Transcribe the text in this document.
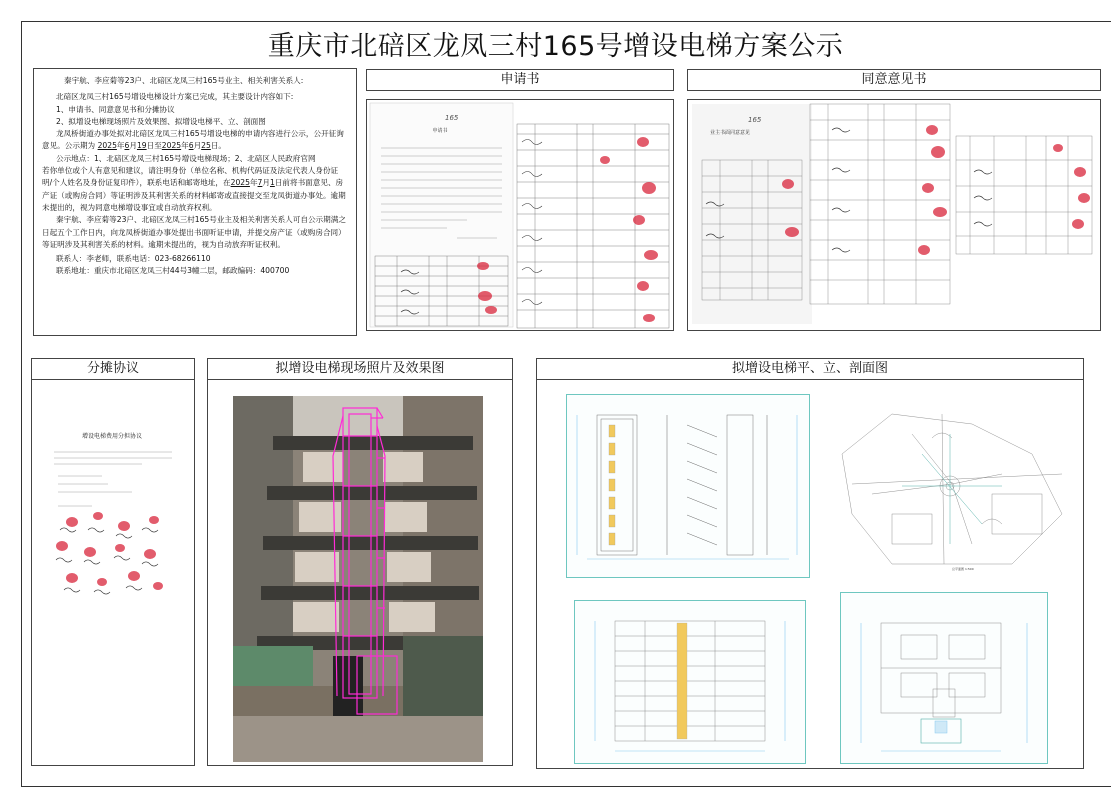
重庆市北碚区龙凤三村165号增设电梯方案公示

秦宇航、李应菊等23户、北碚区龙凤三村165号业主、相关利害关系人:

北碚区龙凤三村165号增设电梯设计方案已完成，其主要设计内容如下:

1、申请书、同意意见书和分摊协议

2、拟增设电梯现场照片及效果图、拟增设电梯平、立、剖面图

龙凤桥街道办事处拟对北碚区龙凤三村165号增设电梯的申请内容进行公示，公开征询意见。公示期为 2025年6月19日至2025年6月25日。

公示地点：1、北碚区龙凤三村165号增设电梯现场；2、北碚区人民政府官网

若你单位或个人有意见和建议，请注明身份（单位名称、机构代码证及法定代表人身份证明/个人姓名及身份证复印件），联系电话和邮寄地址，在2025年7月1日前将书面意见、房产证（或购房合同）等证明涉及其利害关系的材料邮寄或直接提交至龙凤街道办事处。逾期未提出的，视为同意电梯增设事宜或自动放弃权利。

秦宇航、李应菊等23户、北碚区龙凤三村165号业主及相关利害关系人可自公示期满之日起五个工作日内，向龙凤桥街道办事处提出书面听证申请，并提交房产证（或购房合同）等证明涉及其利害关系的材料。逾期未提出的，视为自动放弃听证权利。

联系人：李老师，联系电话：023-68266110

联系地址：重庆市北碚区龙凤三村44号3幢二层，邮政编码：400700

申请书	同意意见书
分摊协议	拟增设电梯现场照片及效果图	拟增设电梯平、立、剖面图
申请书
165
业主书面同意意见
165
增设电梯费用分担协议
总平面图 1:500
